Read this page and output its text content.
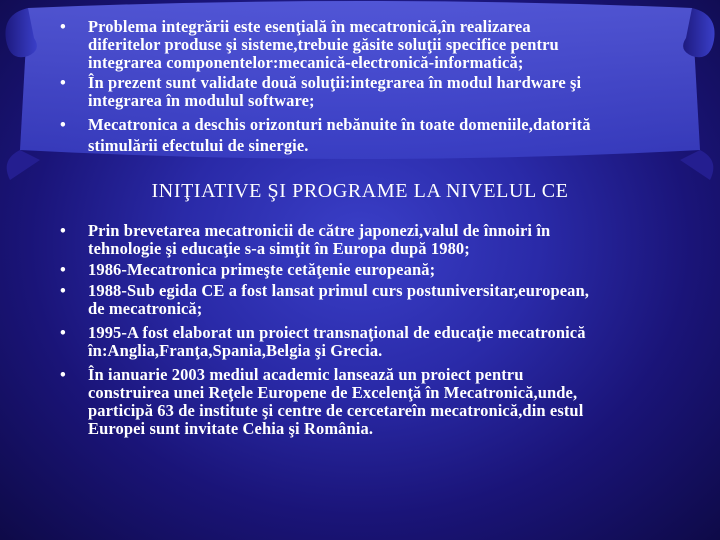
• Problema integrării este esenţială în mecatronică,în realizarea
diferitelor produse şi sisteme,trebuie găsite soluţii specifice pentru
integrarea componentelor:mecanică-electronică-informatică;
• În prezent sunt validate două soluţii:integrarea în modul hardware şi
integrarea în modulul software;
• Mecatronica a deschis orizonturi nebănuite în toate domeniile,datorită
stimulării efectului de sinergie.
INIŢIATIVE ŞI PROGRAME LA NIVELUL CE
• Prin brevetarea mecatronicii de către japonezi,valul de înnoiri în
tehnologie şi educaţie s-a simţit în Europa după 1980;
• 1986-Mecatronica primeşte cetăţenie europeană;
• 1988-Sub egida CE a fost lansat primul curs postuniversitar,european,
de mecatronică;
• 1995-A fost elaborat un proiect transnaţional de educaţie mecatronică
în:Anglia,Franţa,Spania,Belgia şi Grecia.
• În ianuarie 2003 mediul academic lansează un proiect pentru
construirea unei Reţele Europene de Excelenţă în Mecatronică,unde,
participă 63 de institute şi centre de cercetareîn mecatronică,din estul
Europei sunt invitate Cehia şi România.
